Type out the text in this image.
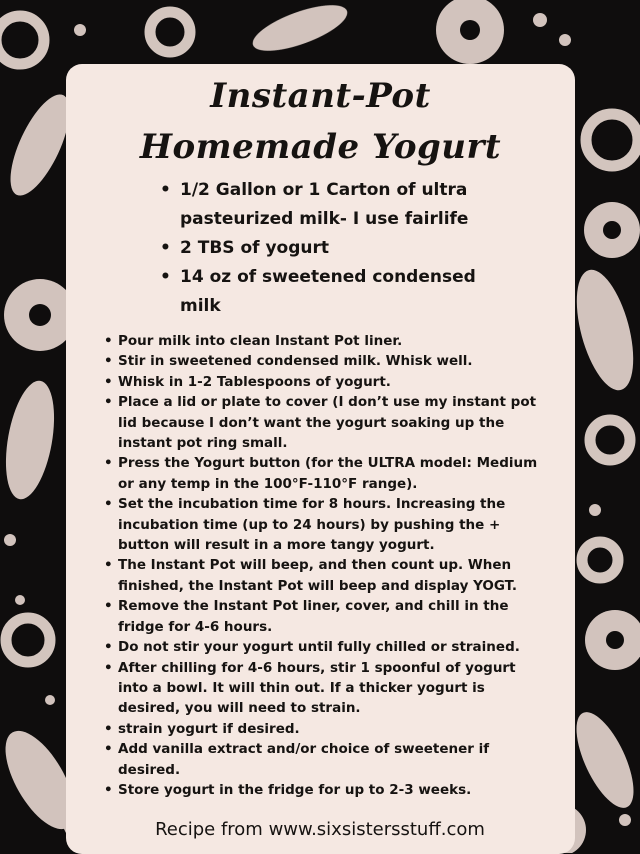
Instant-Pot
Homemade Yogurt
• 1/2 Gallon or 1 Carton of ultra pasteurized milk- I use fairlife
• 2 TBS of yogurt
• 14 oz of sweetened condensed milk
• Pour milk into clean Instant Pot liner.
• Stir in sweetened condensed milk. Whisk well.
• Whisk in 1-2 Tablespoons of yogurt.
• Place a lid or plate to cover (I don’t use my instant pot lid because I don’t want the yogurt soaking up the instant pot ring small.
• Press the Yogurt button (for the ULTRA model: Medium or any temp in the 100°F-110°F range).
• Set the incubation time for 8 hours. Increasing the incubation time (up to 24 hours) by pushing the + button will result in a more tangy yogurt.
• The Instant Pot will beep, and then count up. When finished, the Instant Pot will beep and display YOGT.
• Remove the Instant Pot liner, cover, and chill in the fridge for 4-6 hours.
• Do not stir your yogurt until fully chilled or strained.
• After chilling for 4-6 hours, stir 1 spoonful of yogurt into a bowl. It will thin out. If a thicker yogurt is desired, you will need to strain.
• strain yogurt if desired.
• Add vanilla extract and/or choice of sweetener if desired.
• Store yogurt in the fridge for up to 2-3 weeks.
Recipe from www.sixsistersstuff.com
